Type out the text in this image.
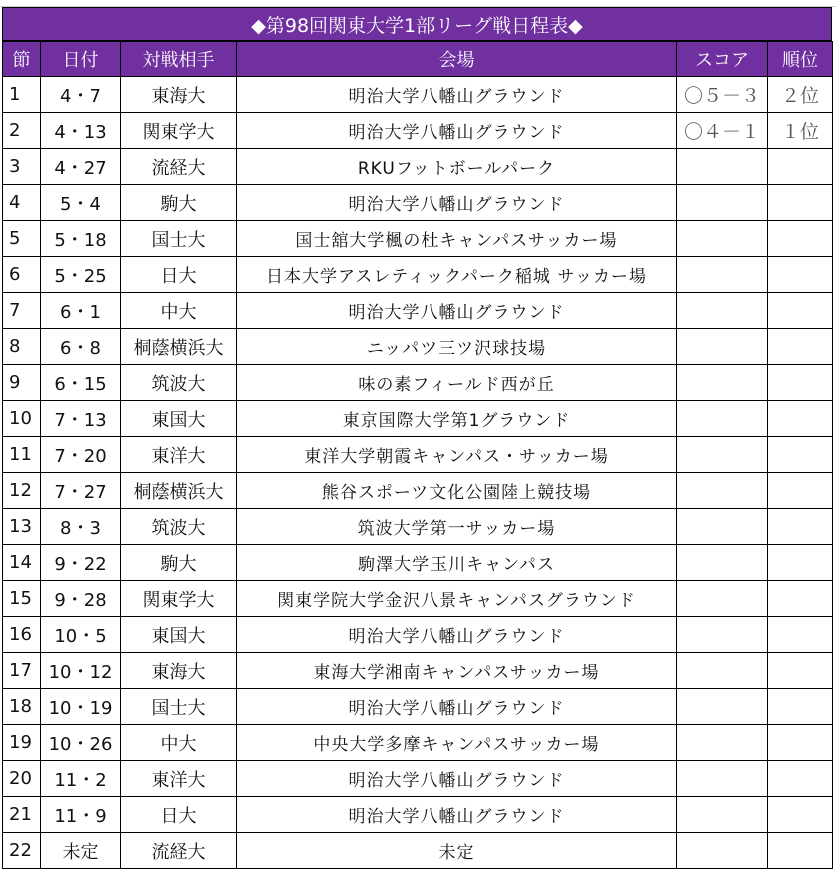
◆第98回関東大学1部リーグ戦日程表◆
節	日付	対戦相手	会場	スコア	順位
1	4・7	東海大	明治大学八幡山グラウンド	〇５－３	２位
2	4・13	関東学大	明治大学八幡山グラウンド	〇４－１	１位
3	4・27	流経大	RKUフットボールパーク		
4	5・4	駒大	明治大学八幡山グラウンド		
5	5・18	国士大	国士舘大学楓の杜キャンパスサッカー場		
6	5・25	日大	日本大学アスレティックパーク稲城 サッカー場		
7	6・1	中大	明治大学八幡山グラウンド		
8	6・8	桐蔭横浜大	ニッパツ三ツ沢球技場		
9	6・15	筑波大	味の素フィールド西が丘		
10	7・13	東国大	東京国際大学第1グラウンド		
11	7・20	東洋大	東洋大学朝霞キャンパス・サッカー場		
12	7・27	桐蔭横浜大	熊谷スポーツ文化公園陸上競技場		
13	8・3	筑波大	筑波大学第一サッカー場		
14	9・22	駒大	駒澤大学玉川キャンパス		
15	9・28	関東学大	関東学院大学金沢八景キャンパスグラウンド		
16	10・5	東国大	明治大学八幡山グラウンド		
17	10・12	東海大	東海大学湘南キャンパスサッカー場		
18	10・19	国士大	明治大学八幡山グラウンド		
19	10・26	中大	中央大学多摩キャンパスサッカー場		
20	11・2	東洋大	明治大学八幡山グラウンド		
21	11・9	日大	明治大学八幡山グラウンド		
22	未定	流経大	未定		
